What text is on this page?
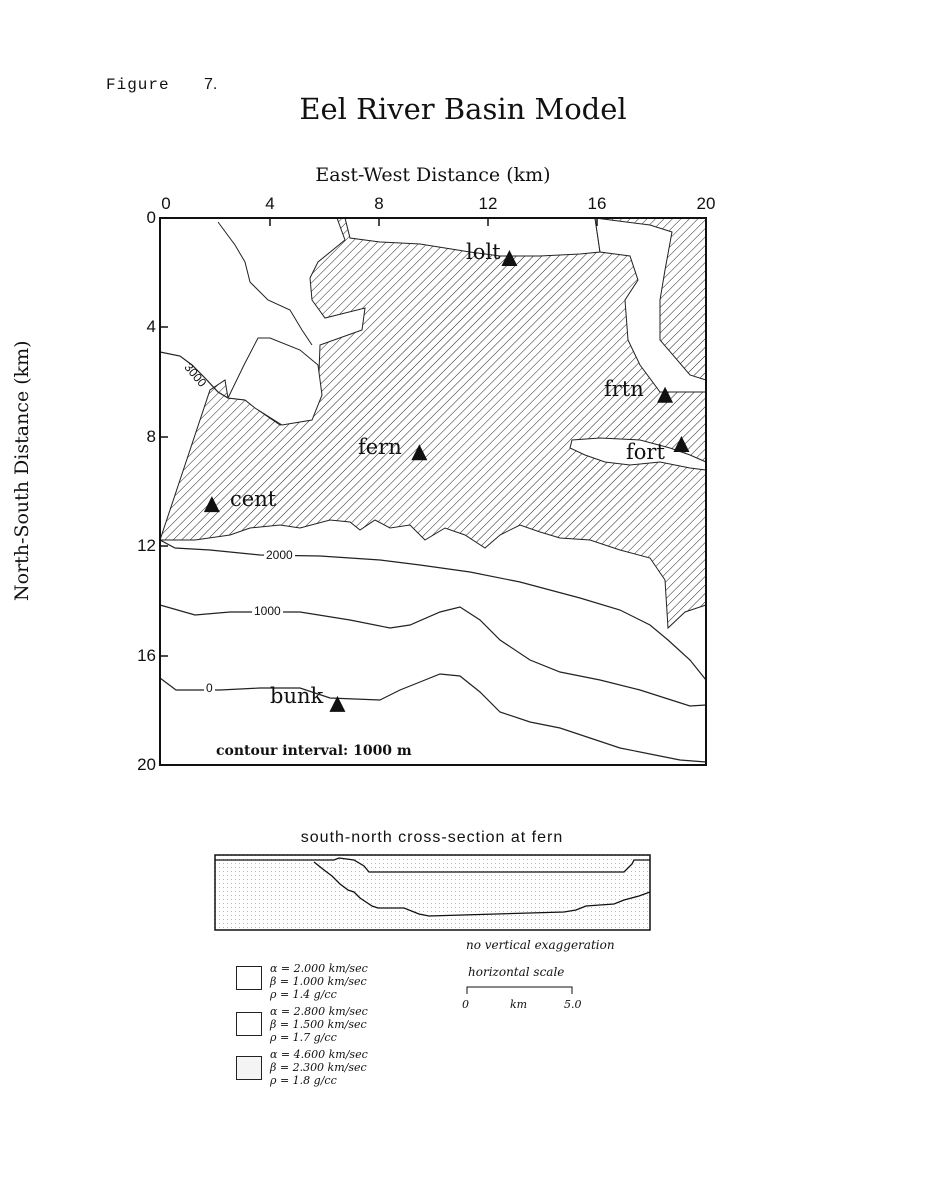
Figure 7.
Eel River Basin Model
East-West Distance (km)
North-South Distance (km)
0	4	8	12	16	20
0
4
8
12
16
20
3000
2000
1000
0
lolt
frtn
fort
fern
cent
bunk
contour interval: 1000 m
south-north cross-section at fern
no vertical exaggeration
horizontal scale
0	km	5.0
α = 2.000 km/sec
β = 1.000 km/sec
ρ = 1.4 g/cc
α = 2.800 km/sec
β = 1.500 km/sec
ρ = 1.7 g/cc
α = 4.600 km/sec
β = 2.300 km/sec
ρ = 1.8 g/cc
